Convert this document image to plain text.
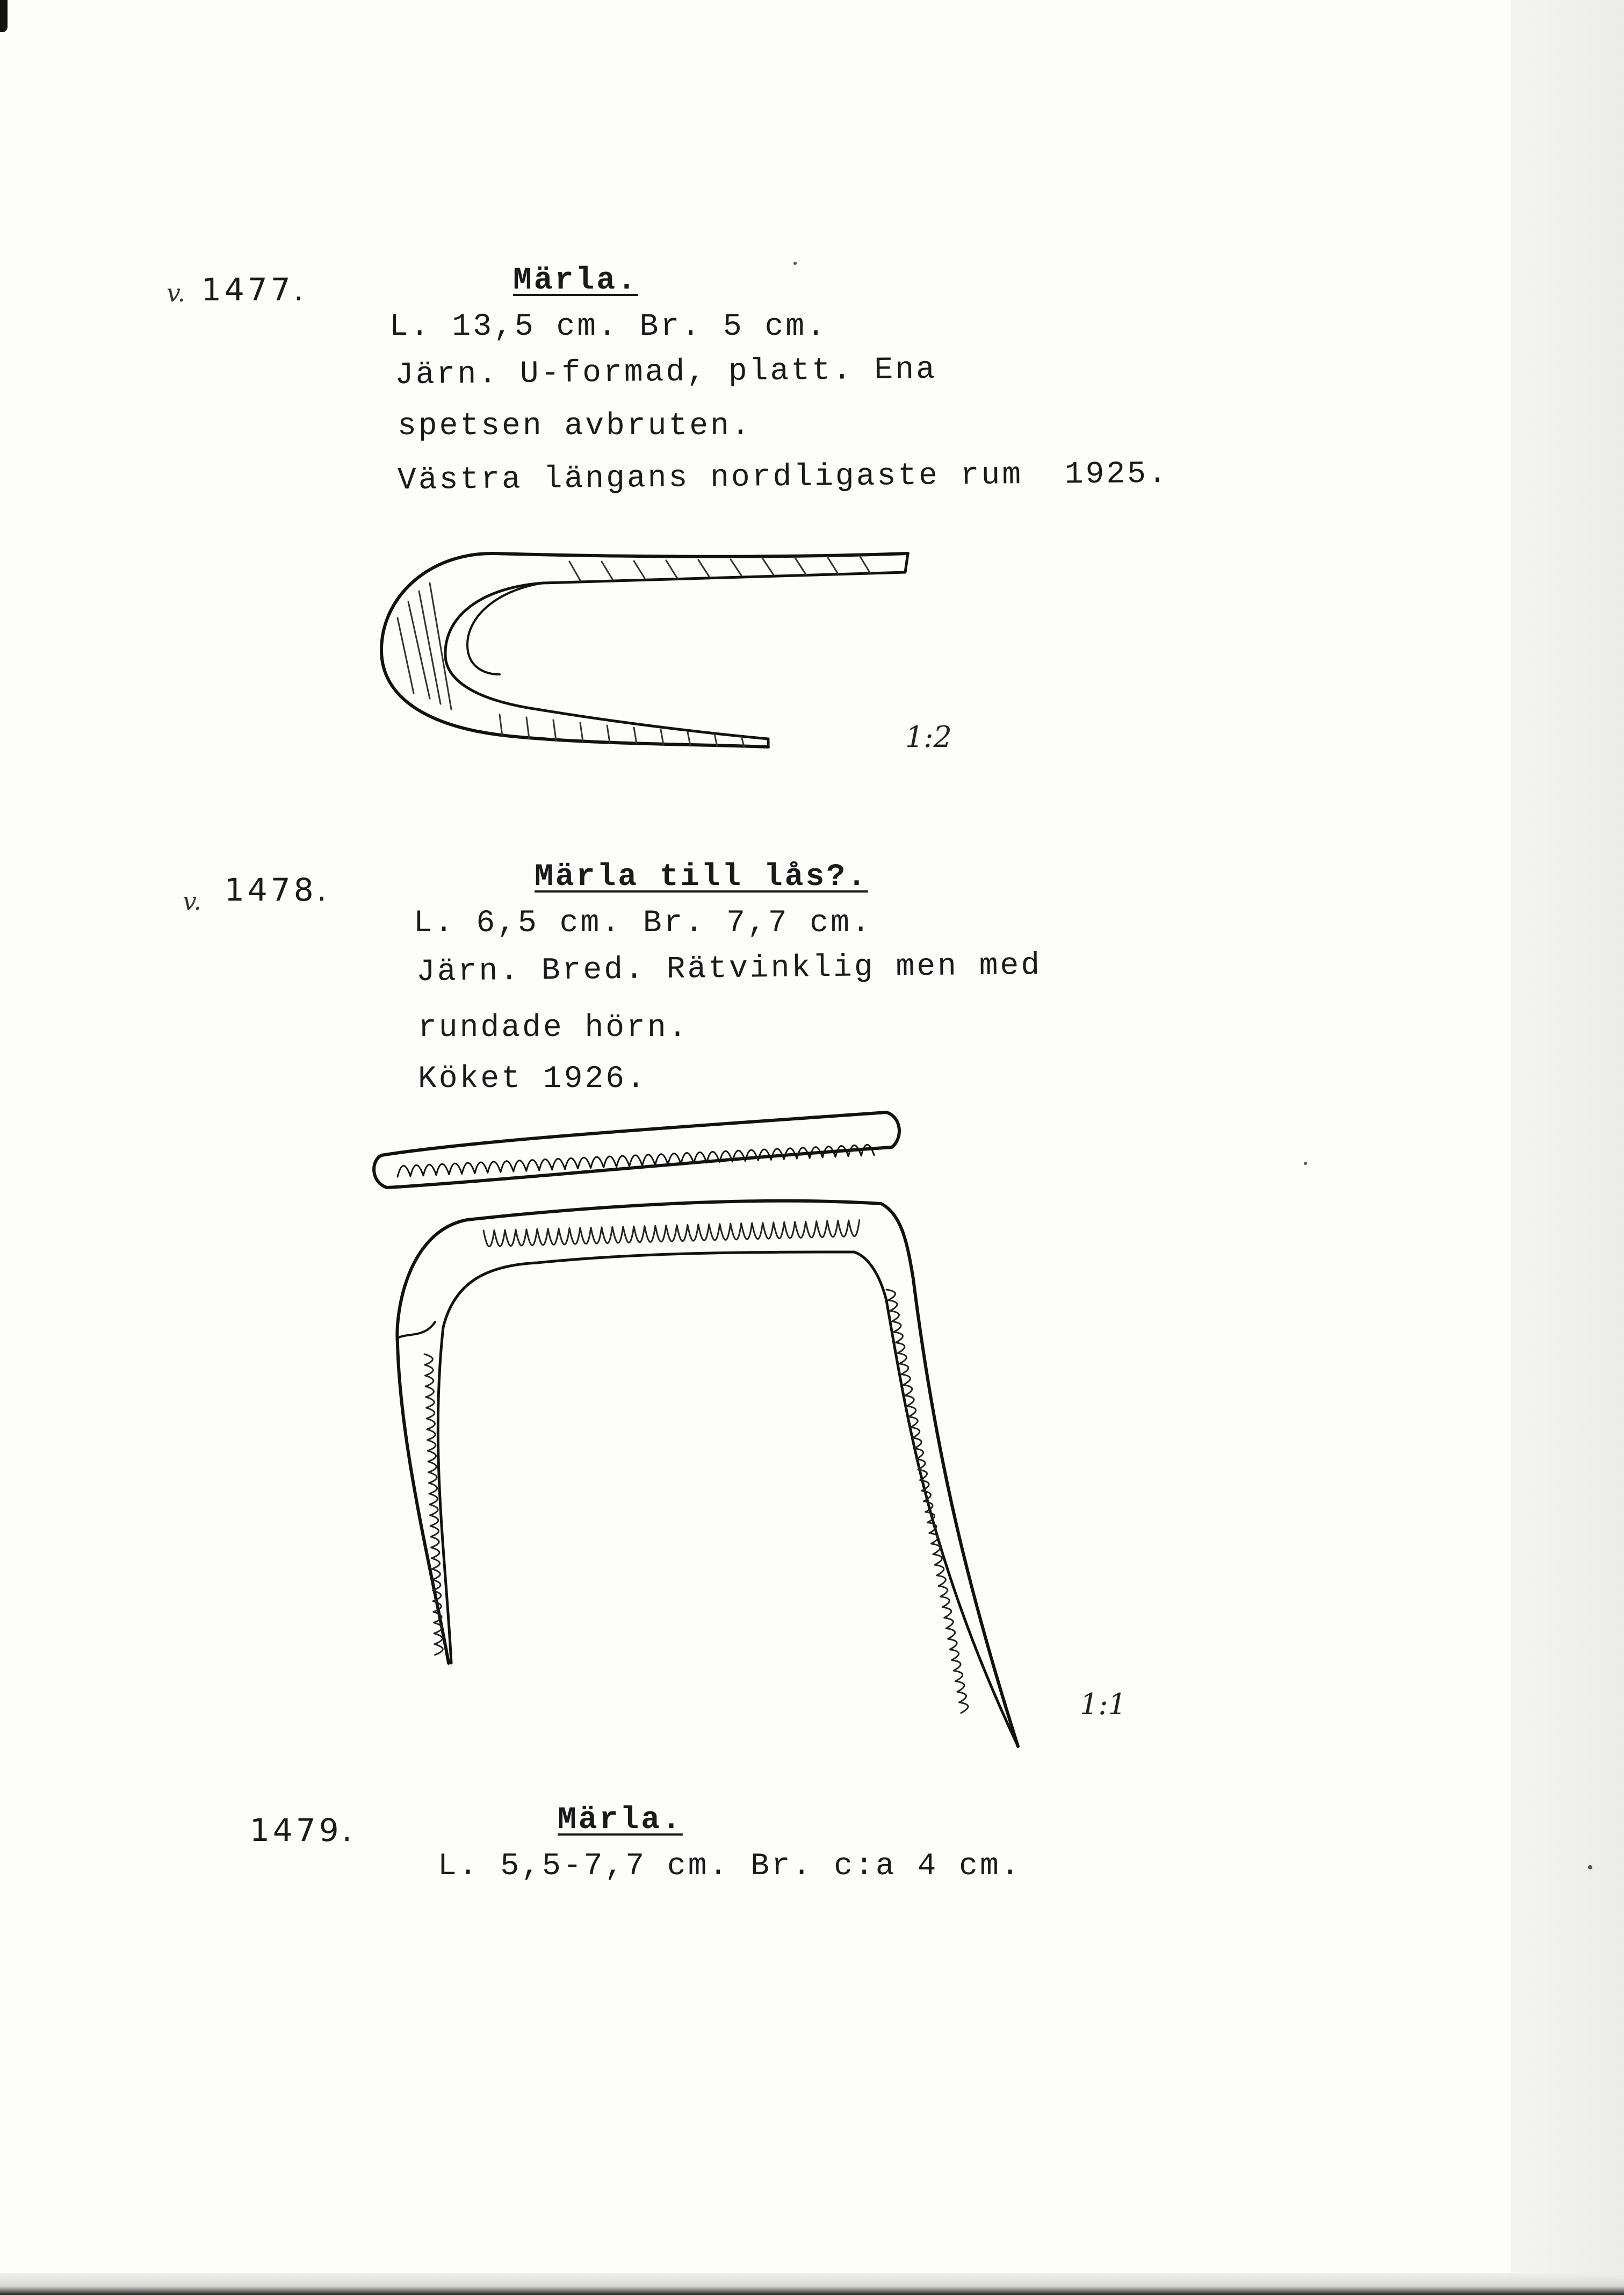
v. 1477.	Märla.
L. 13,5 cm. Br. 5 cm.
Järn. U-formad, platt. Ena
spetsen avbruten.
Västra längans nordligaste rum  1925.
1:2
v. 1478.	Märla till lås?.
L. 6,5 cm. Br. 7,7 cm.
Järn. Bred. Rätvinklig men med
rundade hörn.
Köket 1926.
1:1
1479.	Märla.
L. 5,5-7,7 cm. Br. c:a 4 cm.
